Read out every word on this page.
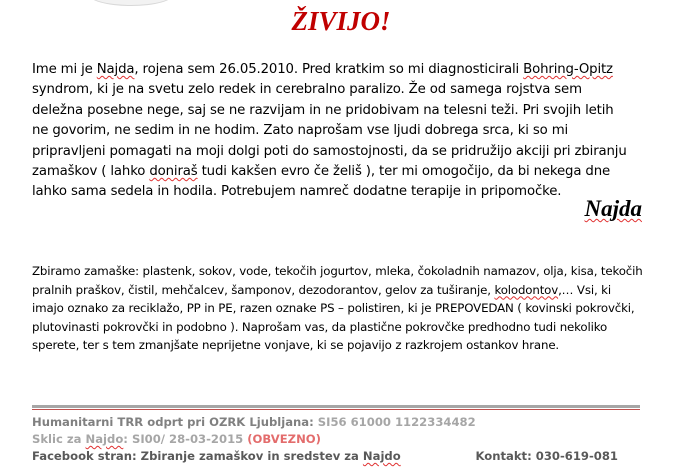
ŽIVIJO!
Ime mi je Najda, rojena sem 26.05.2010. Pred kratkim so mi diagnosticirali Bohring-Opitz syndrom, ki je na svetu zelo redek in cerebralno paralizo. Že od samega rojstva sem deležna posebne nege, saj se ne razvijam in ne pridobivam na telesni teži. Pri svojih letih ne govorim, ne sedim in ne hodim. Zato naprošam vse ljudi dobrega srca, ki so mi pripravljeni pomagati na moji dolgi poti do samostojnosti, da se pridružijo akciji pri zbiranju zamaškov ( lahko doniraš tudi kakšen evro če želiš ), ter mi omogočijo, da bi nekega dne lahko sama sedela in hodila. Potrebujem namreč dodatne terapije in pripomočke.
Najda
Zbiramo zamaške: plastenk, sokov, vode, tekočih jogurtov, mleka, čokoladnih namazov, olja, kisa, tekočih pralnih praškov, čistil, mehčalcev, šamponov, dezodorantov, gelov za tuširanje, kolodontov,… Vsi, ki imajo oznako za reciklažo, PP in PE, razen oznake PS – polistiren, ki je PREPOVEDAN ( kovinski pokrovčki, plutovinasti pokrovčki in podobno ). Naprošam vas, da plastične pokrovčke predhodno tudi nekoliko sperete, ter s tem zmanjšate neprijetne vonjave, ki se pojavijo z razkrojem ostankov hrane.
Humanitarni TRR odprt pri OZRK Ljubljana: SI56 61000 1122334482
Sklic za Najdo: SI00/ 28-03-2015 (OBVEZNO)
Facebook stran: Zbiranje zamaškov in sredstev za Najdo	Kontakt: 030-619-081
